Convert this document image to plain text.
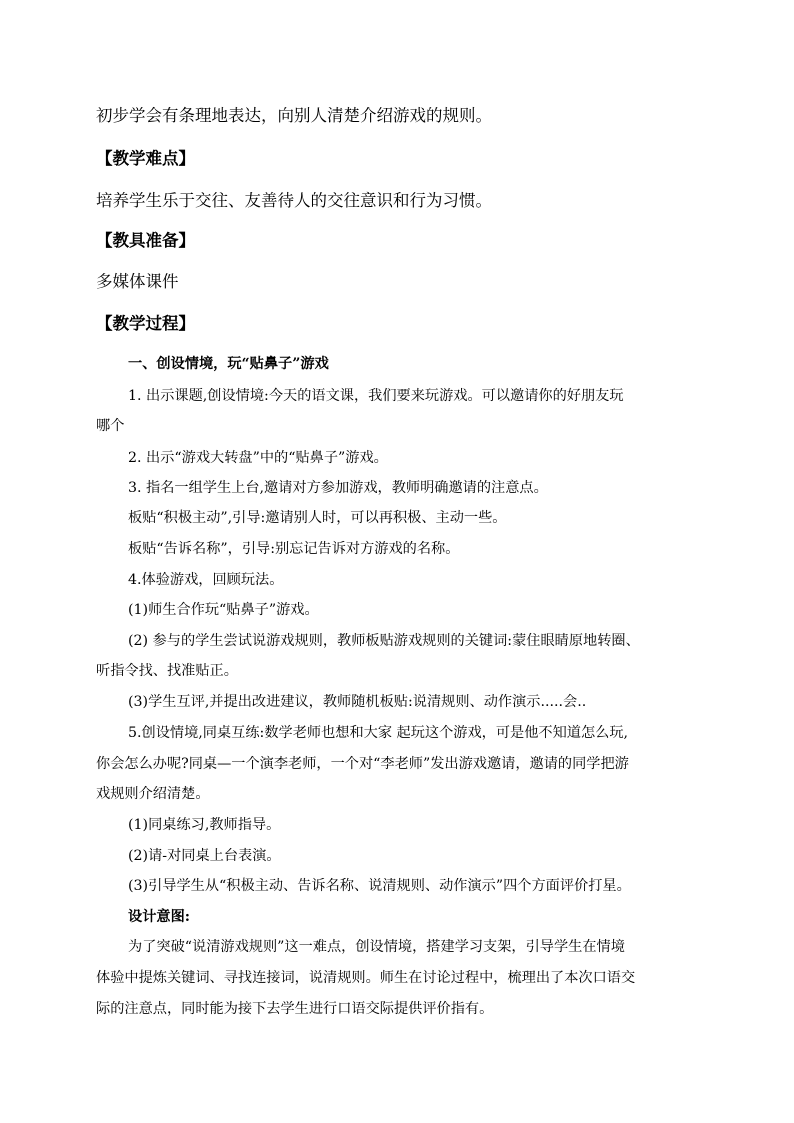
初步学会有条理地表达，向别人清楚介绍游戏的规则。
【教学难点】
培养学生乐于交往、友善待人的交往意识和行为习惯。
【教具准备】
多媒体课件
【教学过程】
一、创设情境，玩“贴鼻子”游戏
1. 出示课题,创设情境:今天的语文课，我们要来玩游戏。可以邀请你的好朋友玩
哪个
2. 出示“游戏大转盘”中的“贴鼻子”游戏。
3. 指名一组学生上台,邀请对方参加游戏，教师明确邀请的注意点。
板贴“积极主动”,引导:邀请别人时，可以再积极、主动一些。
板贴“告诉名称”，引导:别忘记告诉对方游戏的名称。
4.体验游戏，回顾玩法。
(1)师生合作玩“贴鼻子”游戏。
(2) 参与的学生尝试说游戏规则，教师板贴游戏规则的关键词:蒙住眼睛原地转圈、
听指令找、找准贴正。
(3)学生互评,并提出改进建议，教师随机板贴:说清规则、动作演示.....会..
5.创设情境,同桌互练:数学老师也想和大家 起玩这个游戏，可是他不知道怎么玩,
你会怎么办呢?同桌—一个演李老师，一个对“李老师”发出游戏邀请，邀请的同学把游
戏规则介绍清楚。
(1)同桌练习,教师指导。
(2)请-对同桌上台表演。
(3)引导学生从“积极主动、告诉名称、说清规则、动作演示”四个方面评价打星。
设计意图:
为了突破“说清游戏规则”这一难点，创设情境，搭建学习支架，引导学生在情境
体验中提炼关键词、寻找连接词，说清规则。师生在讨论过程中，梳理出了本次口语交
际的注意点，同时能为接下去学生进行口语交际提供评价指有。
